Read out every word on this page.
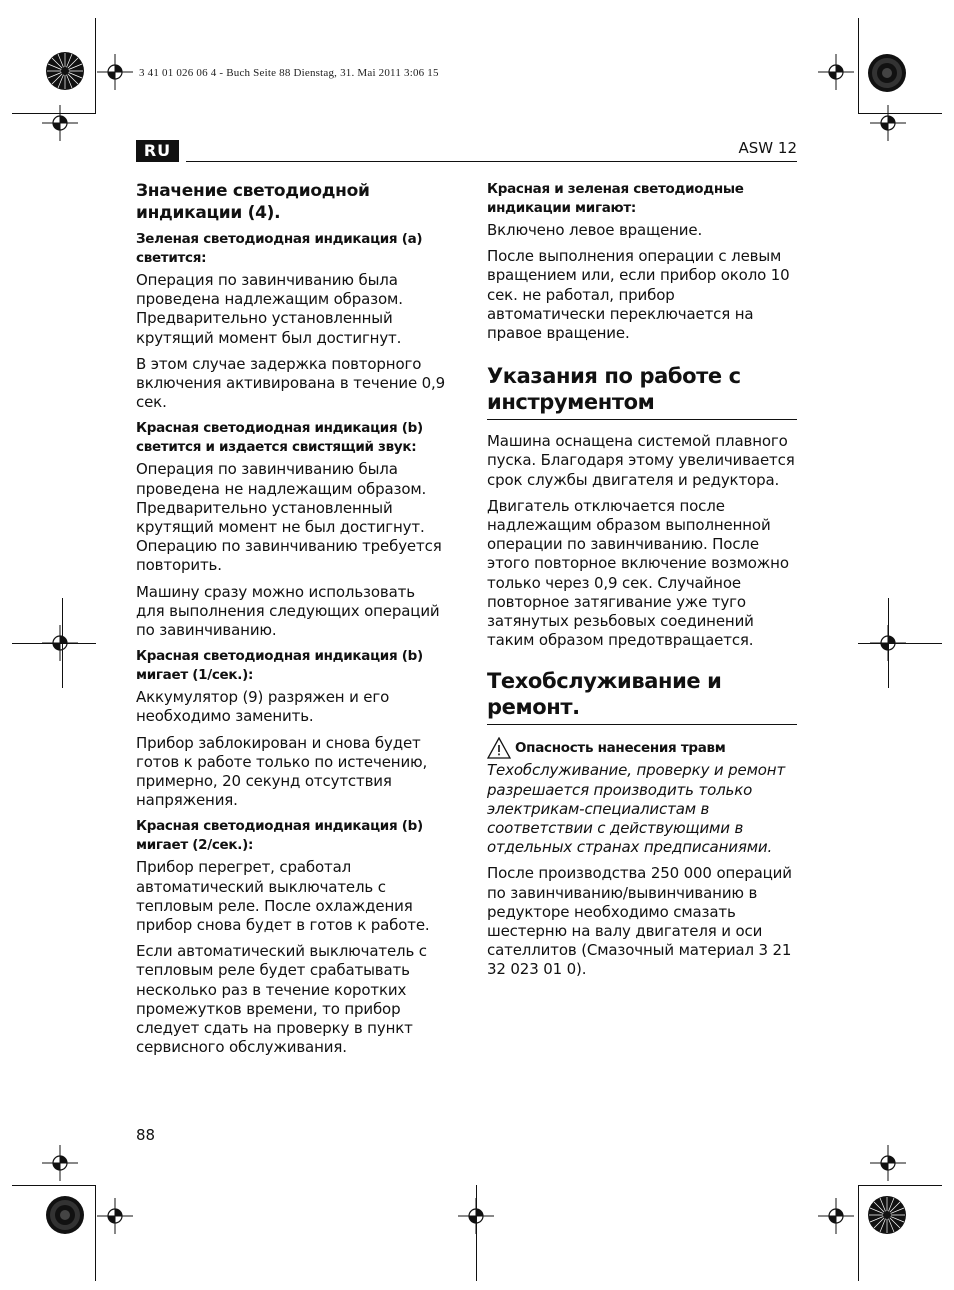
3 41 01 026 06 4 - Buch Seite 88 Dienstag, 31. Mai 2011 3:06 15
RU	ASW 12
Значение светодиодной индикации (4).
Зеленая светодиодная индикация (a) светится:
Операция по завинчиванию была проведена надлежащим образом. Предварительно установленный крутящий момент был достигнут.
В этом случае задержка повторного включения активирована в течение 0,9 сек.
Красная светодиодная индикация (b) светится и издается свистящий звук:
Операция по завинчиванию была проведена не надлежащим образом. Предварительно установленный крутящий момент не был достигнут. Операцию по завинчиванию требуется повторить.
Машину сразу можно использовать для выполнения следующих операций по завинчиванию.
Красная светодиодная индикация (b) мигает (1/сек.):
Аккумулятор (9) разряжен и его необходимо заменить.
Прибор заблокирован и снова будет готов к работе только по истечению, примерно, 20 секунд отсутствия напряжения.
Красная светодиодная индикация (b) мигает (2/сек.):
Прибор перегрет, сработал автоматический выключатель с тепловым реле. После охлаждения прибор снова будет в готов к работе.
Если автоматический выключатель с тепловым реле будет срабатывать несколько раз в течение коротких промежутков времени, то прибор следует сдать на проверку в пункт сервисного обслуживания.
Красная и зеленая светодиодные индикации мигают:
Включено левое вращение.
После выполнения операции с левым вращением или, если прибор около 10 сек. не работал, прибор автоматически переключается на правое вращение.
Указания по работе с инструментом
Машина оснащена системой плавного пуска. Благодаря этому увеличивается срок службы двигателя и редуктора.
Двигатель отключается после надлежащим образом выполненной операции по завинчиванию. После этого повторное включение возможно только через 0,9 сек. Случайное повторное затягивание уже туго затянутых резьбовых соединений таким образом предотвращается.
Техобслуживание и ремонт.
Опасность нанесения травм
Техобслуживание, проверку и ремонт разрешается производить только электрикам-специалистам в соответствии с действующими в отдельных странах предписаниями.
После производства 250 000 операций по завинчиванию/вывинчиванию в редукторе необходимо смазать шестерню на валу двигателя и оси сателлитов (Смазочный материал 3 21 32 023 01 0).
88
